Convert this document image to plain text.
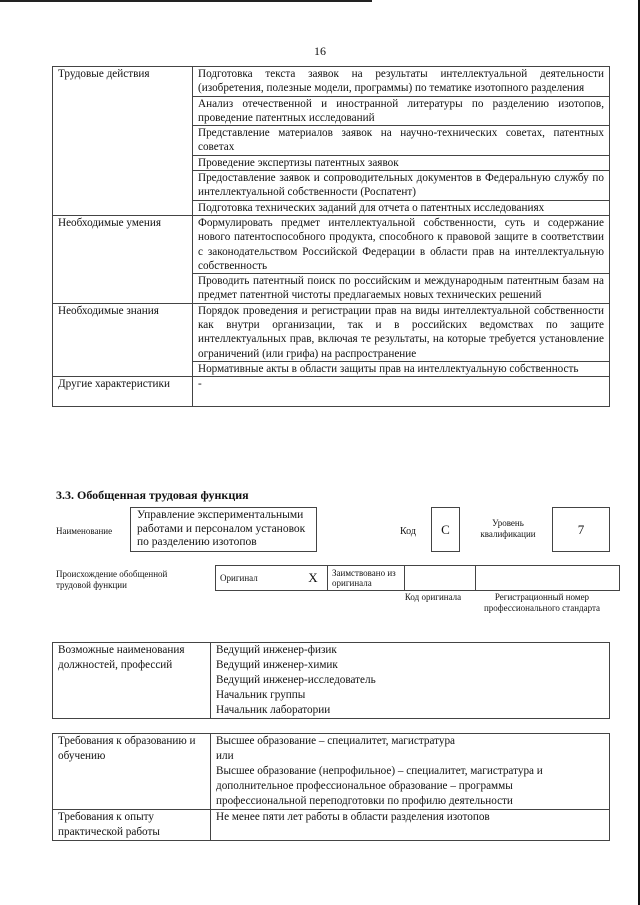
16
Трудовые действия	Подготовка текста заявок на результаты интеллектуальной деятельности (изобретения, полезные модели, программы) по тематике изотопного разделения
	Анализ отечественной и иностранной литературы по разделению изотопов, проведение патентных исследований
	Представление материалов заявок на научно-технических советах, патентных советах
	Проведение экспертизы патентных заявок
	Предоставление заявок и сопроводительных документов в Федеральную службу по интеллектуальной собственности (Роспатент)
	Подготовка технических заданий для отчета о патентных исследованиях
Необходимые умения	Формулировать предмет интеллектуальной собственности, суть и содержание нового патентоспособного продукта, способного к правовой защите в соответствии с законодательством Российской Федерации в области прав на интеллектуальную собственность
	Проводить патентный поиск по российским и международным патентным базам на предмет патентной чистоты предлагаемых новых технических решений
Необходимые знания	Порядок проведения и регистрации прав на виды интеллектуальной собственности как внутри организации, так и в российских ведомствах по защите интеллектуальных прав, включая те результаты, на которые требуется установление ограничений (или грифа) на распространение
	Нормативные акты в области защиты прав на интеллектуальную собственность
Другие характеристики	-
3.3. Обобщенная трудовая функция
Наименование
Управление экспериментальными работами и персоналом установок по разделению изотопов
Код	C	Уровень квалификации	7
Происхождение обобщенной трудовой функции
Оригинал	X	Заимствовано из оригинала		
Код оригинала	Регистрационный номер профессионального стандарта
Возможные наименования должностей, профессий	Ведущий инженер-физик
Ведущий инженер-химик
Ведущий инженер-исследователь
Начальник группы
Начальник лаборатории
Требования к образованию и обучению	Высшее образование – специалитет, магистратура
или
Высшее образование (непрофильное) – специалитет, магистратура и дополнительное профессиональное образование – программы профессиональной переподготовки по профилю деятельности

Требования к опыту практической работы	Не менее пяти лет работы в области разделения изотопов
